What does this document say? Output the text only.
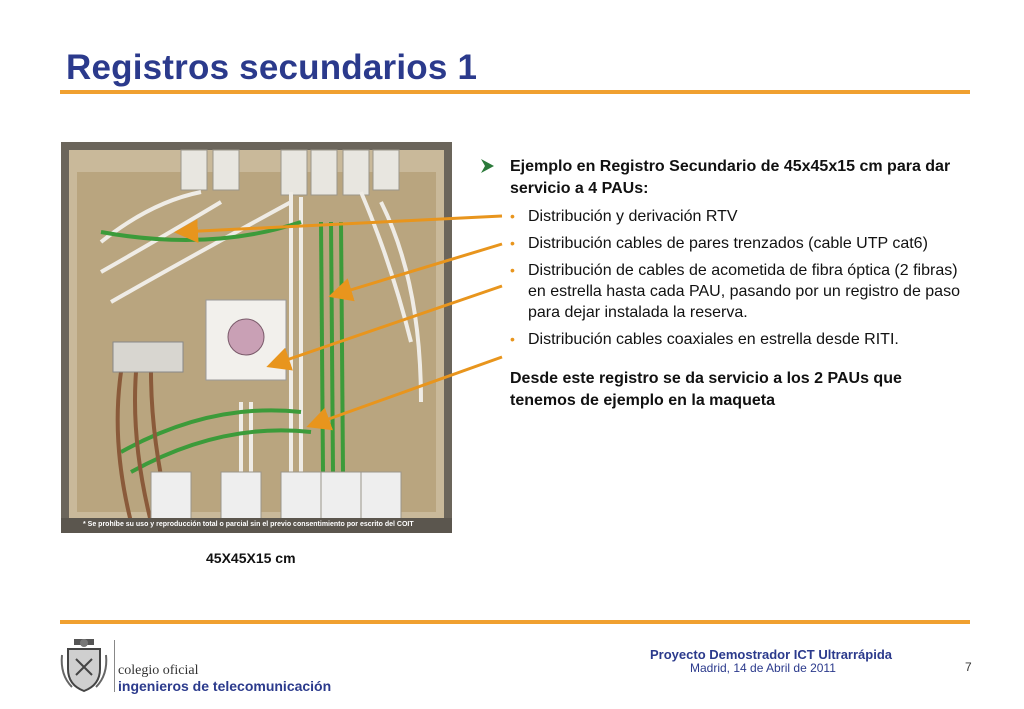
Registros secundarios 1
* Se prohíbe su uso y reproducción total o parcial sin el previo consentimiento por escrito del COIT
45X45X15 cm
Ejemplo en Registro Secundario de 45x45x15 cm para dar servicio a 4 PAUs:
• Distribución y derivación RTV
• Distribución cables de pares trenzados (cable UTP cat6)
• Distribución de cables de acometida de fibra óptica (2 fibras) en estrella hasta cada PAU, pasando por un registro de paso para dejar instalada la reserva.
• Distribución cables coaxiales en estrella desde RITI.
Desde este registro se da servicio a los 2 PAUs que tenemos de ejemplo en la maqueta
colegio oficial
ingenieros de telecomunicación
Proyecto Demostrador ICT Ultrarrápida
Madrid, 14 de Abril de 2011	7
